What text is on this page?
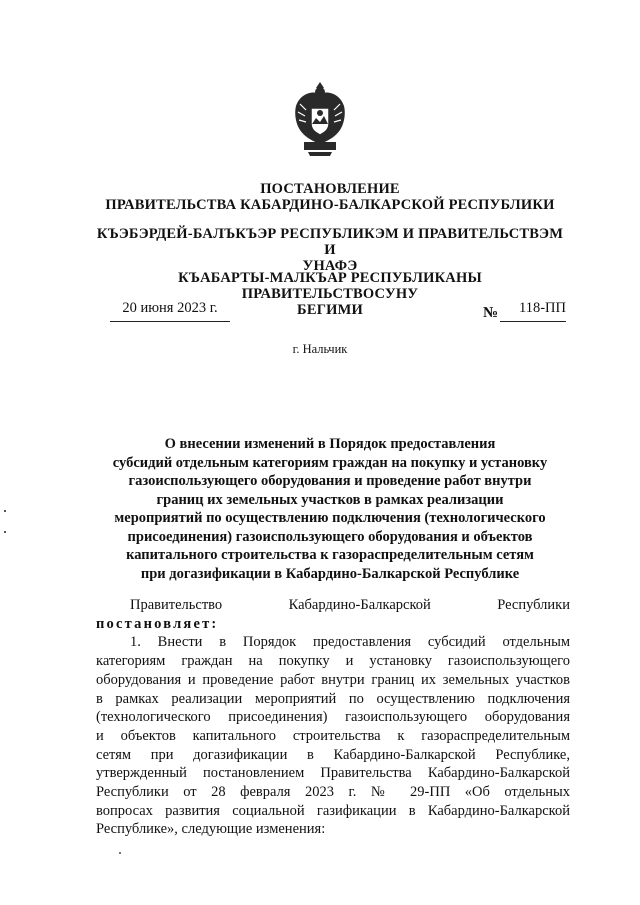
ПОСТАНОВЛЕНИЕ
ПРАВИТЕЛЬСТВА КАБАРДИНО-БАЛКАРСКОЙ РЕСПУБЛИКИ
КЪЭБЭРДЕЙ-БАЛЪКЪЭР РЕСПУБЛИКЭМ И ПРАВИТЕЛЬСТВЭМ И
УНАФЭ
КЪАБАРТЫ-МАЛКЪАР РЕСПУБЛИКАНЫ ПРАВИТЕЛЬСТВОСУНУ
БЕГИМИ
20 июня 2023 г.	№	118-ПП
г. Нальчик
О внесении изменений в Порядок предоставления
субсидий отдельным категориям граждан на покупку и установку
газоиспользующего оборудования и проведение работ внутри
границ их земельных участков в рамках реализации
мероприятий по осуществлению подключения (технологического
присоединения) газоиспользующего оборудования и объектов
капитального строительства к газораспределительным сетям
при догазификации в Кабардино-Балкарской Республике
Правительство Кабардино-Балкарской Республики
постановляет:
1. Внести в Порядок предоставления субсидий отдельным
категориям граждан на покупку и установку газоиспользующего
оборудования и проведение работ внутри границ их земельных участков
в рамках реализации мероприятий по осуществлению подключения
(технологического присоединения) газоиспользующего оборудования
и объектов капитального строительства к газораспределительным
сетям при догазификации в Кабардино-Балкарской Республике,
утвержденный постановлением Правительства Кабардино-Балкарской
Республики от 28 февраля 2023 г. № 29-ПП «Об отдельных
вопросах развития социальной газификации в Кабардино-Балкарской
Республике», следующие изменения:
